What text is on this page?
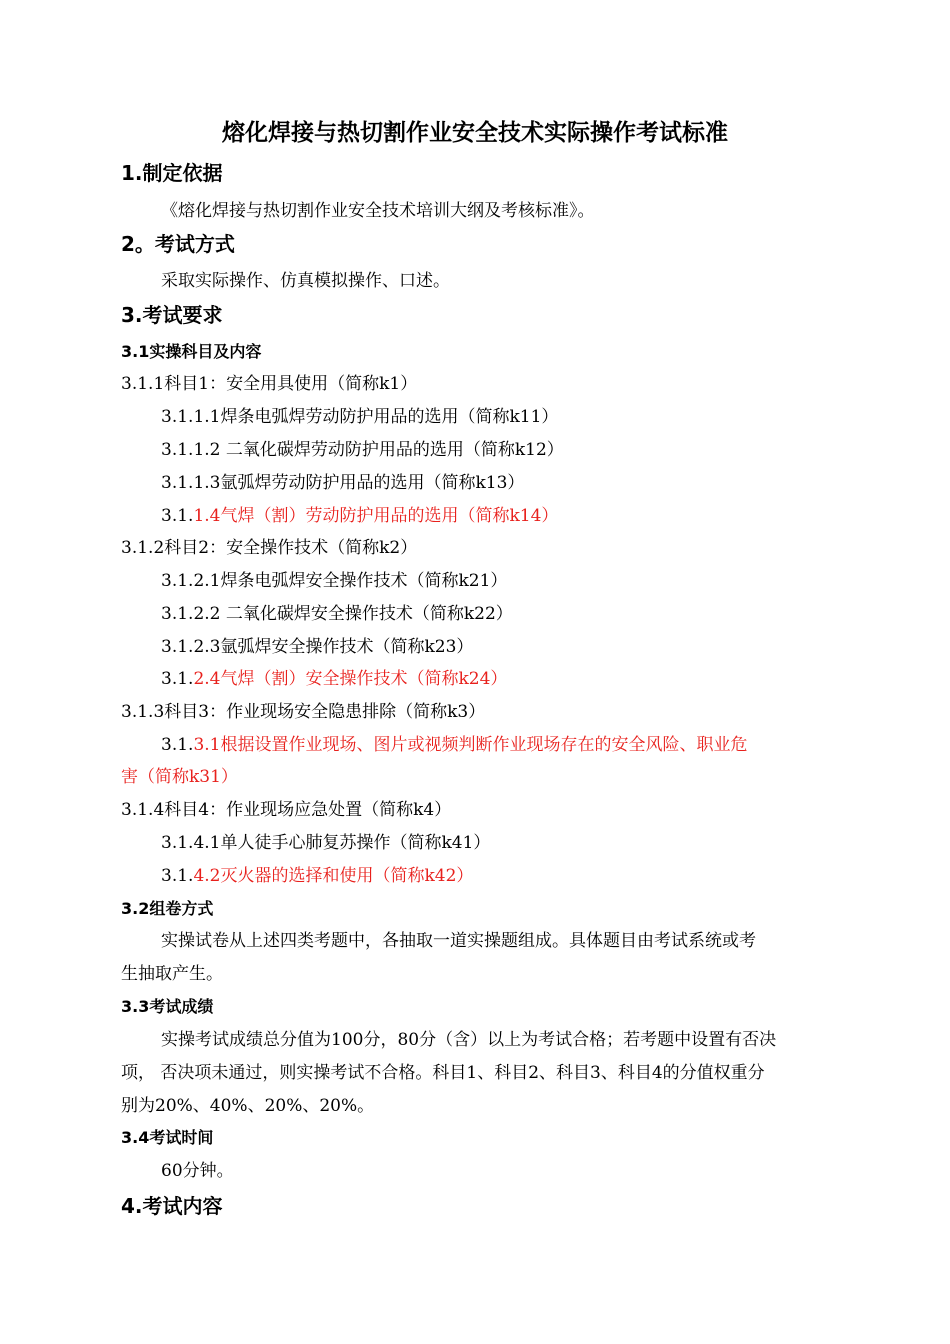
熔化焊接与热切割作业安全技术实际操作考试标准
1.制定依据
《熔化焊接与热切割作业安全技术培训大纲及考核标准》。
2。考试方式
采取实际操作、仿真模拟操作、口述。
3.考试要求
3.1实操科目及内容
3.1.1科目1：安全用具使用（简称k1）
3.1.1.1焊条电弧焊劳动防护用品的选用（简称k11）
3.1.1.2 二氧化碳焊劳动防护用品的选用（简称k12）
3.1.1.3氩弧焊劳动防护用品的选用（简称k13）
3.1.1.4气焊（割）劳动防护用品的选用（简称k14）
3.1.2科目2：安全操作技术（简称k2）
3.1.2.1焊条电弧焊安全操作技术（简称k21）
3.1.2.2 二氧化碳焊安全操作技术（简称k22）
3.1.2.3氩弧焊安全操作技术（简称k23）
3.1.2.4气焊（割）安全操作技术（简称k24）
3.1.3科目3：作业现场安全隐患排除（简称k3）
3.1.3.1根据设置作业现场、图片或视频判断作业现场存在的安全风险、职业危
害（简称k31）
3.1.4科目4：作业现场应急处置（简称k4）
3.1.4.1单人徒手心肺复苏操作（简称k41）
3.1.4.2灭火器的选择和使用（简称k42）
3.2组卷方式
实操试卷从上述四类考题中，各抽取一道实操题组成。具体题目由考试系统或考
生抽取产生。
3.3考试成绩
实操考试成绩总分值为100分，80分（含）以上为考试合格；若考题中设置有否决
项， 否决项未通过，则实操考试不合格。科目1、科目2、科目3、科目4的分值权重分
别为20%、40%、20%、20%。
3.4考试时间
60分钟。
4.考试内容
